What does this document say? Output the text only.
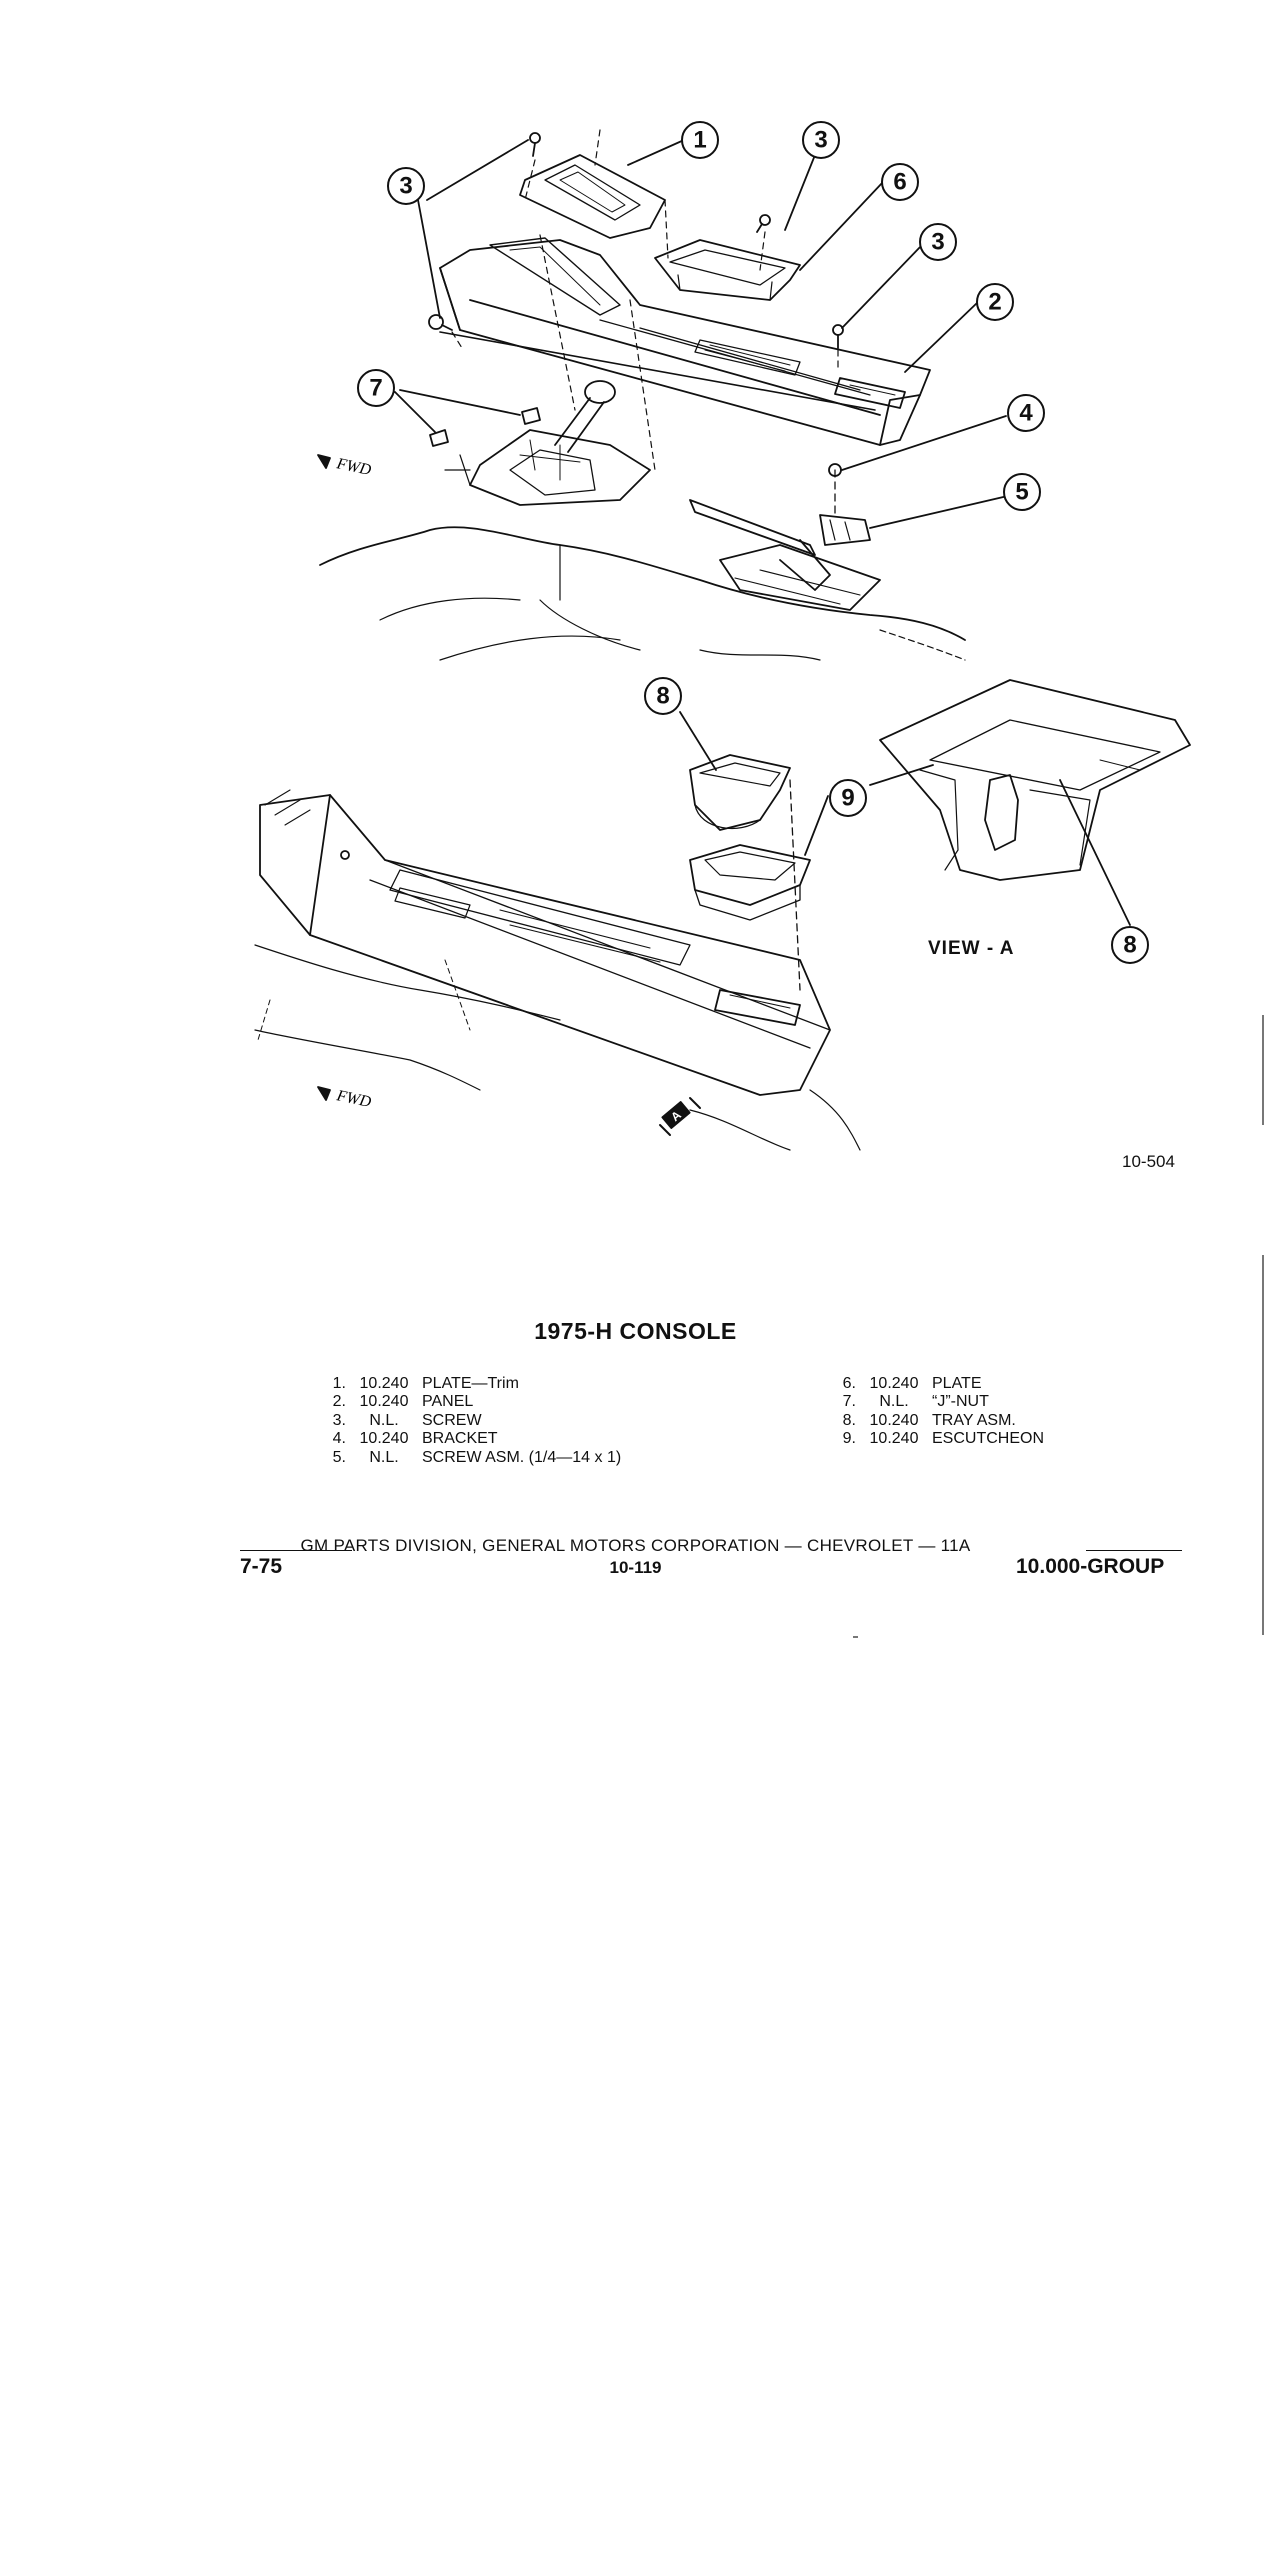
1
2
3
3
3
4
5
6
7
8
8
9
FWD
FWD
A
VIEW - A
10-504
1975-H CONSOLE
1. 10.240 PLATE—Trim
2. 10.240 PANEL
3. N.L. SCREW
4. 10.240 BRACKET
5. N.L. SCREW ASM. (1/4—14 x 1)
6. 10.240 PLATE
7. N.L. “J”-NUT
8. 10.240 TRAY ASM.
9. 10.240 ESCUTCHEON
GM PARTS DIVISION, GENERAL MOTORS CORPORATION — CHEVROLET — 11A
7-75	10-119	10.000-GROUP
